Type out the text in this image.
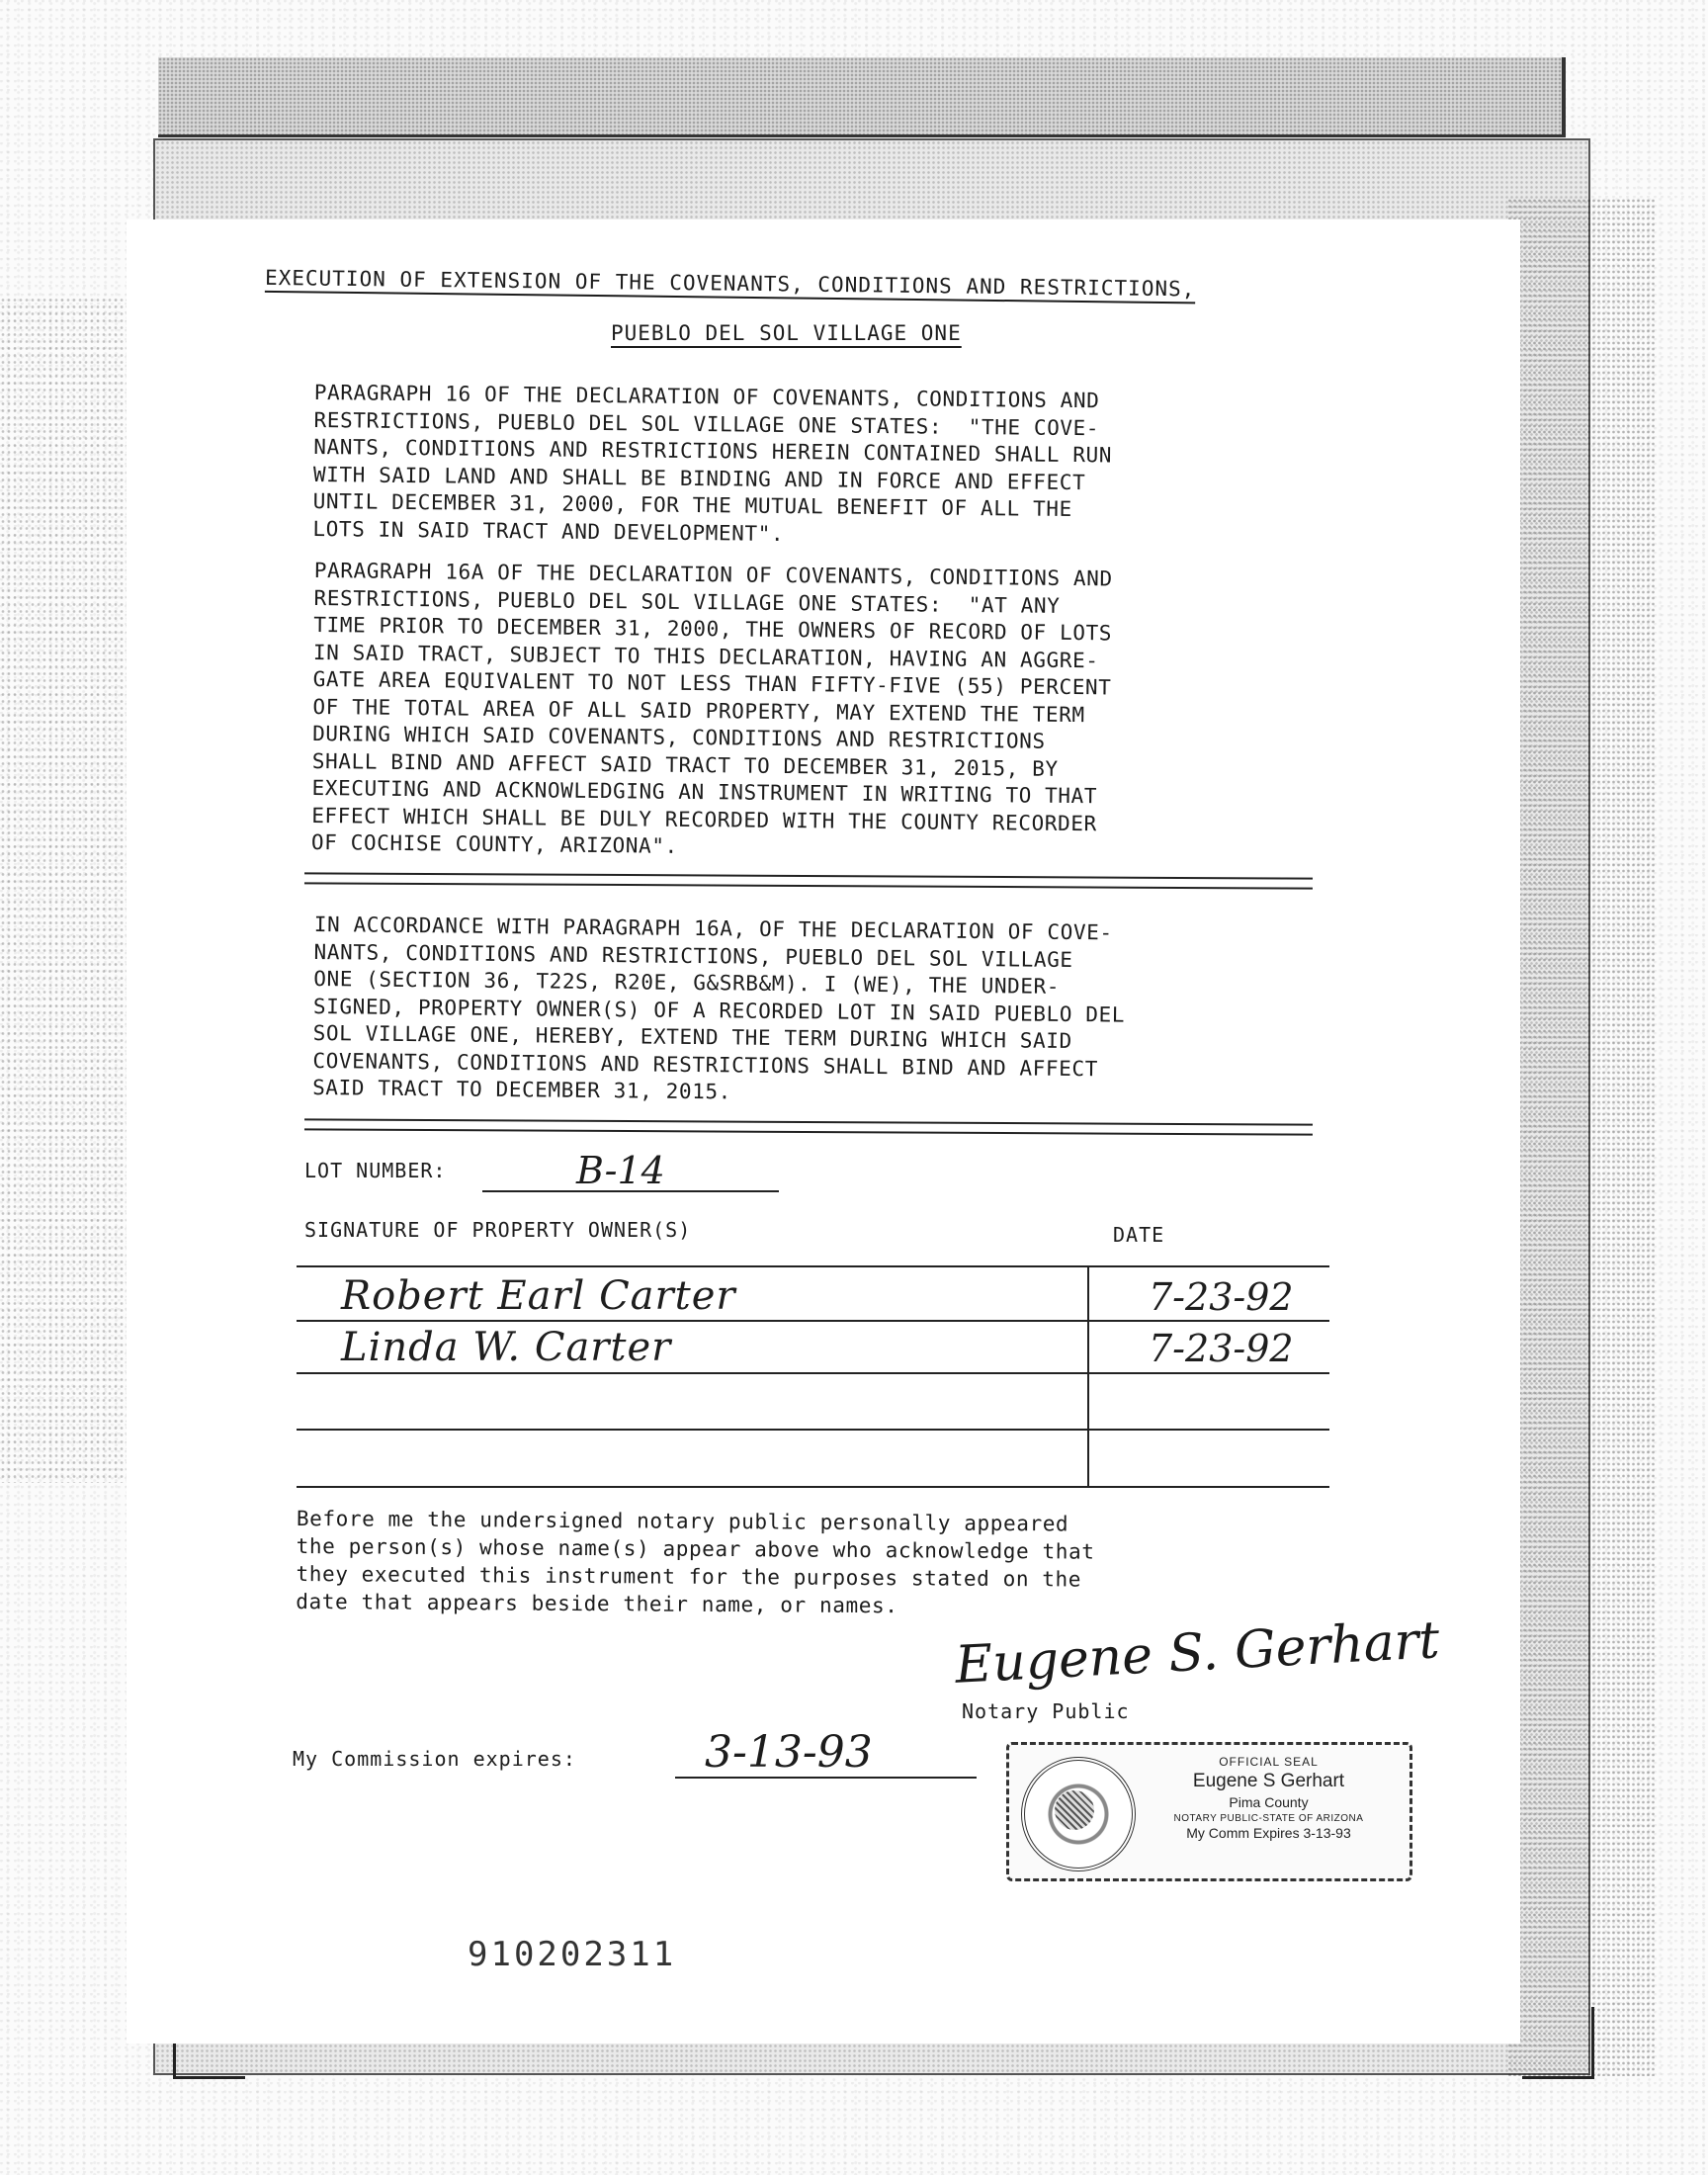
EXECUTION OF EXTENSION OF THE COVENANTS, CONDITIONS AND RESTRICTIONS,
PUEBLO DEL SOL VILLAGE ONE
PARAGRAPH 16 OF THE DECLARATION OF COVENANTS, CONDITIONS AND
RESTRICTIONS, PUEBLO DEL SOL VILLAGE ONE STATES:  "THE COVE-
NANTS, CONDITIONS AND RESTRICTIONS HEREIN CONTAINED SHALL RUN
WITH SAID LAND AND SHALL BE BINDING AND IN FORCE AND EFFECT
UNTIL DECEMBER 31, 2000, FOR THE MUTUAL BENEFIT OF ALL THE
LOTS IN SAID TRACT AND DEVELOPMENT".
PARAGRAPH 16A OF THE DECLARATION OF COVENANTS, CONDITIONS AND
RESTRICTIONS, PUEBLO DEL SOL VILLAGE ONE STATES:  "AT ANY
TIME PRIOR TO DECEMBER 31, 2000, THE OWNERS OF RECORD OF LOTS
IN SAID TRACT, SUBJECT TO THIS DECLARATION, HAVING AN AGGRE-
GATE AREA EQUIVALENT TO NOT LESS THAN FIFTY-FIVE (55) PERCENT
OF THE TOTAL AREA OF ALL SAID PROPERTY, MAY EXTEND THE TERM
DURING WHICH SAID COVENANTS, CONDITIONS AND RESTRICTIONS
SHALL BIND AND AFFECT SAID TRACT TO DECEMBER 31, 2015, BY
EXECUTING AND ACKNOWLEDGING AN INSTRUMENT IN WRITING TO THAT
EFFECT WHICH SHALL BE DULY RECORDED WITH THE COUNTY RECORDER
OF COCHISE COUNTY, ARIZONA".
IN ACCORDANCE WITH PARAGRAPH 16A, OF THE DECLARATION OF COVE-
NANTS, CONDITIONS AND RESTRICTIONS, PUEBLO DEL SOL VILLAGE
ONE (SECTION 36, T22S, R20E, G&SRB&M). I (WE), THE UNDER-
SIGNED, PROPERTY OWNER(S) OF A RECORDED LOT IN SAID PUEBLO DEL
SOL VILLAGE ONE, HEREBY, EXTEND THE TERM DURING WHICH SAID
COVENANTS, CONDITIONS AND RESTRICTIONS SHALL BIND AND AFFECT
SAID TRACT TO DECEMBER 31, 2015.
LOT NUMBER:	B-14
SIGNATURE OF PROPERTY OWNER(S)	DATE
Robert Earl Carter	7-23-92
Linda W. Carter	7-23-92
Before me the undersigned notary public personally appeared
the person(s) whose name(s) appear above who acknowledge that
they executed this instrument for the purposes stated on the
date that appears beside their name, or names.
Eugene S. Gerhart
Notary Public
My Commission expires:	3-13-93	OFFICIAL SEAL
Eugene S Gerhart
Pima County
NOTARY PUBLIC-STATE OF ARIZONA
My Comm Expires 3-13-93
910202311
